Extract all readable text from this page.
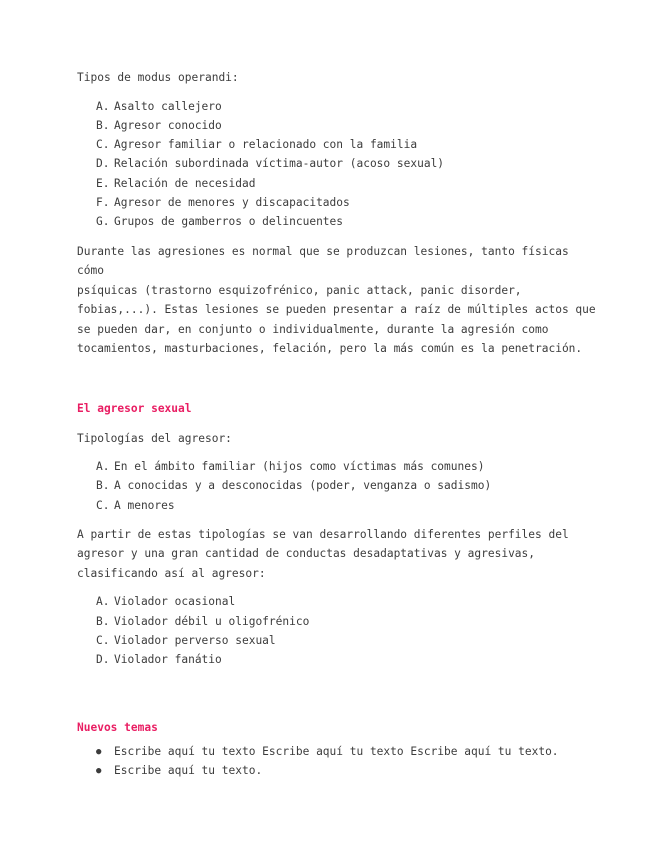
Tipos de modus operandi:

A. Asalto callejero
B. Agresor conocido
C. Agresor familiar o relacionado con la familia
D. Relación subordinada víctima-autor (acoso sexual)
E. Relación de necesidad
F. Agresor de menores y discapacitados
G. Grupos de gamberros o delincuentes

Durante las agresiones es normal que se produzcan lesiones, tanto físicas cómo

psíquicas (trastorno esquizofrénico, panic attack, panic disorder,

fobias,...). Estas lesiones se pueden presentar a raíz de múltiples actos que

se pueden dar, en conjunto o individualmente, durante la agresión como

tocamientos, masturbaciones, felación, pero la más común es la penetración.

El agresor sexual

Tipologías del agresor:

A. En el ámbito familiar (hijos como víctimas más comunes)
B. A conocidas y a desconocidas (poder, venganza o sadismo)
C. A menores

A partir de estas tipologías se van desarrollando diferentes perfiles del

agresor y una gran cantidad de conductas desadaptativas y agresivas,

clasificando así al agresor:

A. Violador ocasional
B. Violador débil u oligofrénico
C. Violador perverso sexual
D. Violador fanátio
Nuevos temas
● Escribe aquí tu texto Escribe aquí tu texto Escribe aquí tu texto.
● Escribe aquí tu texto.
